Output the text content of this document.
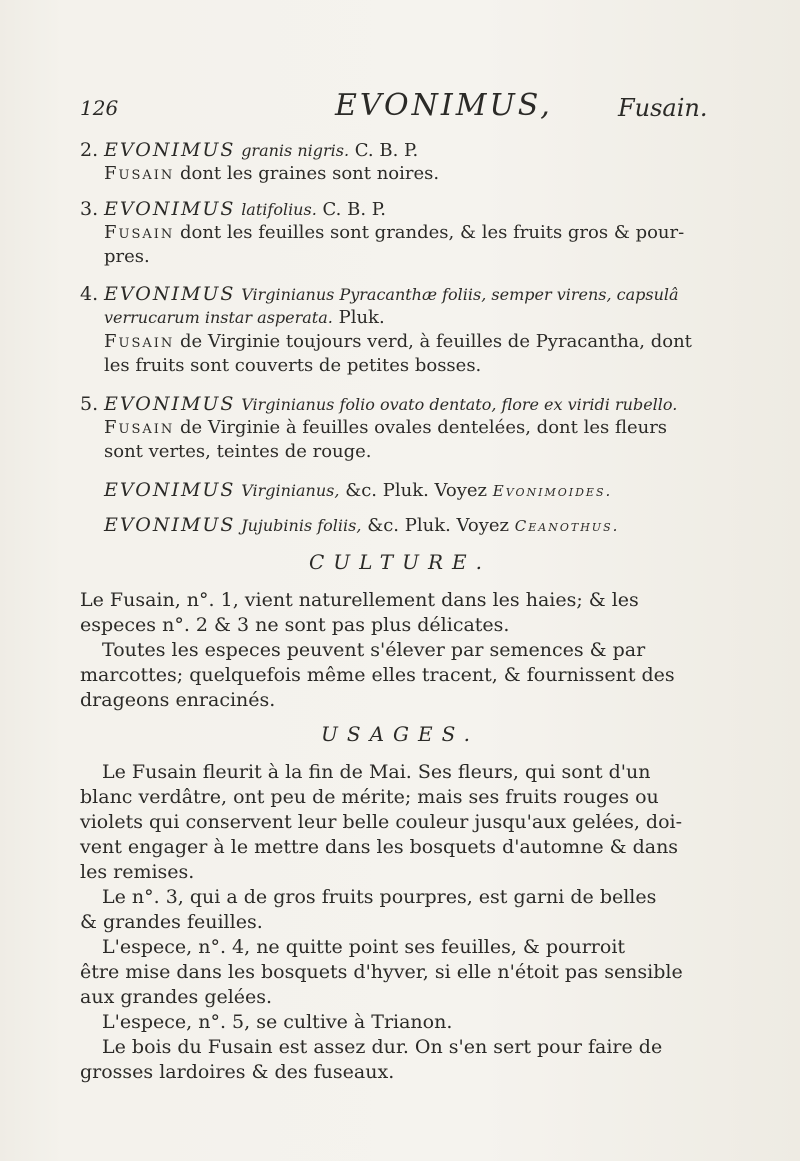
126	EVONIMUS,	Fusain.
2. EVONIMUS granis nigris. C. B. P.
Fusain dont les graines sont noires.
3. EVONIMUS latifolius. C. B. P.
Fusain dont les feuilles sont grandes, & les fruits gros & pour-
pres.
4. EVONIMUS Virginianus Pyracanthæ foliis, semper virens, capsulâ
verrucarum instar asperata. Pluk.
Fusain de Virginie toujours verd, à feuilles de Pyracantha, dont
les fruits sont couverts de petites bosses.
5. EVONIMUS Virginianus folio ovato dentato, flore ex viridi rubello.
Fusain de Virginie à feuilles ovales dentelées, dont les fleurs
sont vertes, teintes de rouge.
EVONIMUS Virginianus, &c. Pluk. Voyez Evonimoides.
EVONIMUS Jujubinis foliis, &c. Pluk. Voyez Ceanothus.
CULTURE.
Le Fusain, n°. 1, vient naturellement dans les haies; & les
especes n°. 2 & 3 ne sont pas plus délicates.
Toutes les especes peuvent s'élever par semences & par
marcottes; quelquefois même elles tracent, & fournissent des
drageons enracinés.
USAGES.
Le Fusain fleurit à la fin de Mai. Ses fleurs, qui sont d'un
blanc verdâtre, ont peu de mérite; mais ses fruits rouges ou
violets qui conservent leur belle couleur jusqu'aux gelées, doi-
vent engager à le mettre dans les bosquets d'automne & dans
les remises.
Le n°. 3, qui a de gros fruits pourpres, est garni de belles
& grandes feuilles.
L'espece, n°. 4, ne quitte point ses feuilles, & pourroit
être mise dans les bosquets d'hyver, si elle n'étoit pas sensible
aux grandes gelées.
L'espece, n°. 5, se cultive à Trianon.
Le bois du Fusain est assez dur. On s'en sert pour faire de
grosses lardoires & des fuseaux.
